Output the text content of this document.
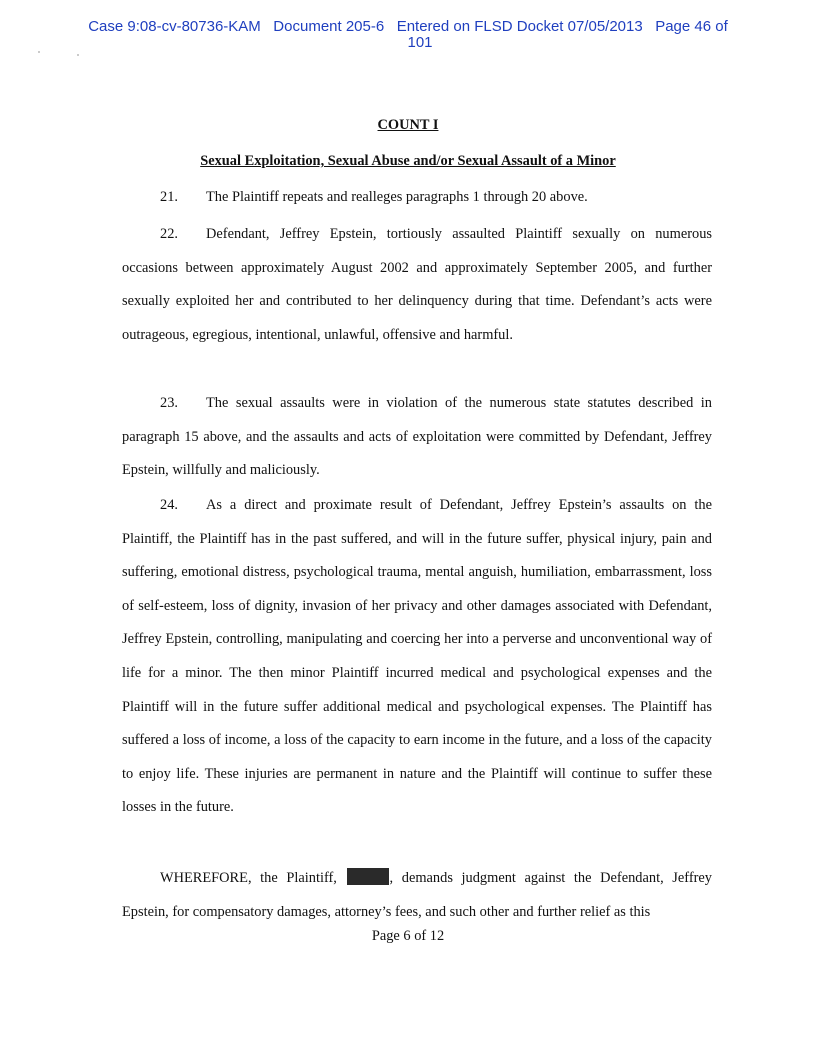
Case 9:08-cv-80736-KAM   Document 205-6   Entered on FLSD Docket 07/05/2013   Page 46 of
101
COUNT I
Sexual Exploitation, Sexual Abuse and/or Sexual Assault of a Minor
21. The Plaintiff repeats and realleges paragraphs 1 through 20 above.
22. Defendant, Jeffrey Epstein, tortiously assaulted Plaintiff sexually on numerous occasions between approximately August 2002 and approximately September 2005, and further sexually exploited her and contributed to her delinquency during that time. Defendant’s acts were outrageous, egregious, intentional, unlawful, offensive and harmful.
23. The sexual assaults were in violation of the numerous state statutes described in paragraph 15 above, and the assaults and acts of exploitation were committed by Defendant, Jeffrey Epstein, willfully and maliciously.
24. As a direct and proximate result of Defendant, Jeffrey Epstein’s assaults on the Plaintiff, the Plaintiff has in the past suffered, and will in the future suffer, physical injury, pain and suffering, emotional distress, psychological trauma, mental anguish, humiliation, embarrassment, loss of self-esteem, loss of dignity, invasion of her privacy and other damages associated with Defendant, Jeffrey Epstein, controlling, manipulating and coercing her into a perverse and unconventional way of life for a minor. The then minor Plaintiff incurred medical and psychological expenses and the Plaintiff will in the future suffer additional medical and psychological expenses. The Plaintiff has suffered a loss of income, a loss of the capacity to earn income in the future, and a loss of the capacity to enjoy life. These injuries are permanent in nature and the Plaintiff will continue to suffer these losses in the future.
WHEREFORE, the Plaintiff,	, demands judgment against the Defendant, Jeffrey Epstein, for compensatory damages, attorney’s fees, and such other and further relief as this
Page 6 of 12
